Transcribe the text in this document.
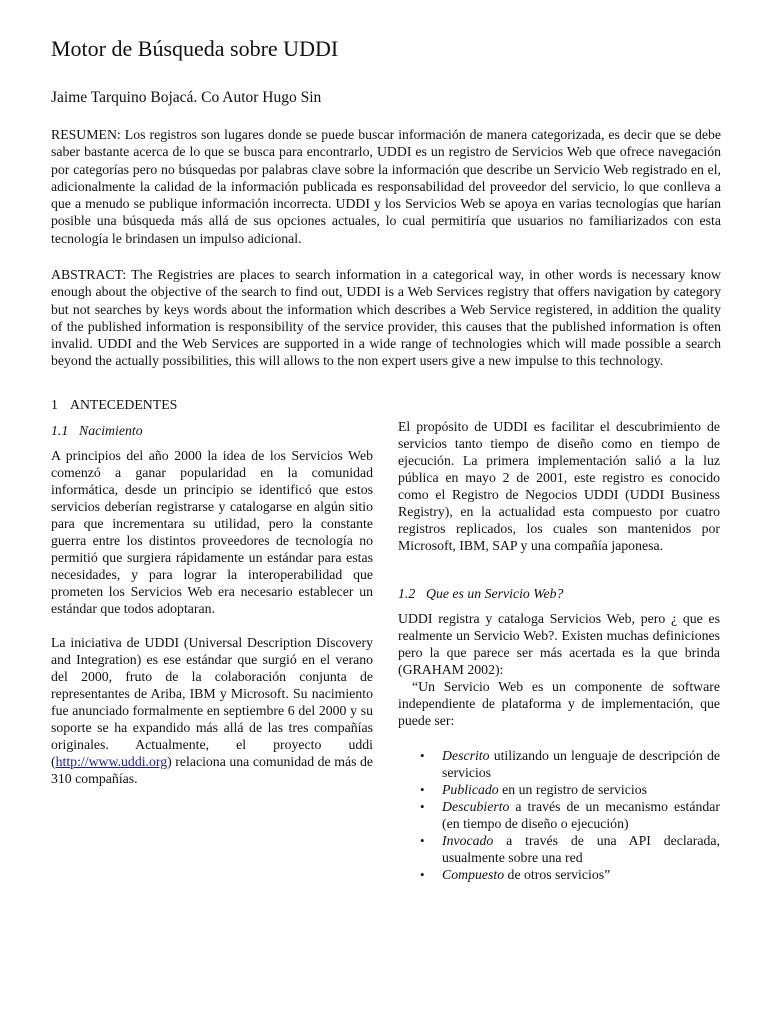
Motor de Búsqueda sobre UDDI
Jaime Tarquino Bojacá. Co Autor Hugo Sin
RESUMEN: Los registros son lugares donde se puede buscar información de manera categorizada, es decir que se debe saber bastante acerca de lo que se busca para encontrarlo, UDDI es un registro de Servicios Web que ofrece navegación por categorías pero no búsquedas por palabras clave sobre la información que describe un Servicio Web registrado en el, adicionalmente la calidad de la información publicada es responsabilidad del proveedor del servicio, lo que conlleva a que a menudo se publique información incorrecta. UDDI y los Servicios Web se apoya en varias tecnologías que harían posible una búsqueda más allá de sus opciones actuales, lo cual permitiría que usuarios no familiarizados con esta tecnología le brindasen un impulso adicional.
ABSTRACT: The Registries are places to search information in a categorical way, in other words is necessary know enough about the objective of the search to find out, UDDI is a Web Services registry that offers navigation by category but not searches by keys words about the information which describes a Web Service registered, in addition the quality of the published information is responsibility of the service provider, this causes that the published information is often invalid. UDDI and the Web Services are supported in a wide range of technologies which will made possible a search beyond the actually possibilities, this will allows to the non expert users give a new impulse to this technology.
1 ANTECEDENTES
1.1 Nacimiento

A principios del año 2000 la idea de los Servicios Web comenzó a ganar popularidad en la comunidad informática, desde un principio se identificó que estos servicios deberían registrarse y catalogarse en algún sitio para que incrementara su utilidad, pero la constante guerra entre los distintos proveedores de tecnología no permitió que surgiera rápidamente un estándar para estas necesidades, y para lograr la interoperabilidad que prometen los Servicios Web era necesario establecer un estándar que todos adoptaran.

La iniciativa de UDDI (Universal Description Discovery and Integration) es ese estándar que surgió en el verano del 2000, fruto de la colaboración conjunta de representantes de Ariba, IBM y Microsoft. Su nacimiento fue anunciado formalmente en septiembre 6 del 2000 y su soporte se ha expandido más allá de las tres compañías originales. Actualmente, el proyecto uddi (http://www.uddi.org) relaciona una comunidad de más de 310 compañías.

El propósito de UDDI es facilitar el descubrimiento de servicios tanto tiempo de diseño como en tiempo de ejecución. La primera implementación salió a la luz pública en mayo 2 de 2001, este registro es conocido como el Registro de Negocios UDDI (UDDI Business Registry), en la actualidad esta compuesto por cuatro registros replicados, los cuales son mantenidos por Microsoft, IBM, SAP y una compañía japonesa.

1.2 Que es un Servicio Web?

UDDI registra y cataloga Servicios Web, pero ¿ que es realmente un Servicio Web?. Existen muchas definiciones pero la que parece ser más acertada es la que brinda (GRAHAM 2002):

“Un Servicio Web es un componente de software independiente de plataforma y de implementación, que puede ser:

• Descrito utilizando un lenguaje de descripción de servicios
• Publicado en un registro de servicios
• Descubierto a través de un mecanismo estándar (en tiempo de diseño o ejecución)
• Invocado a través de una API declarada, usualmente sobre una red
• Compuesto de otros servicios”
